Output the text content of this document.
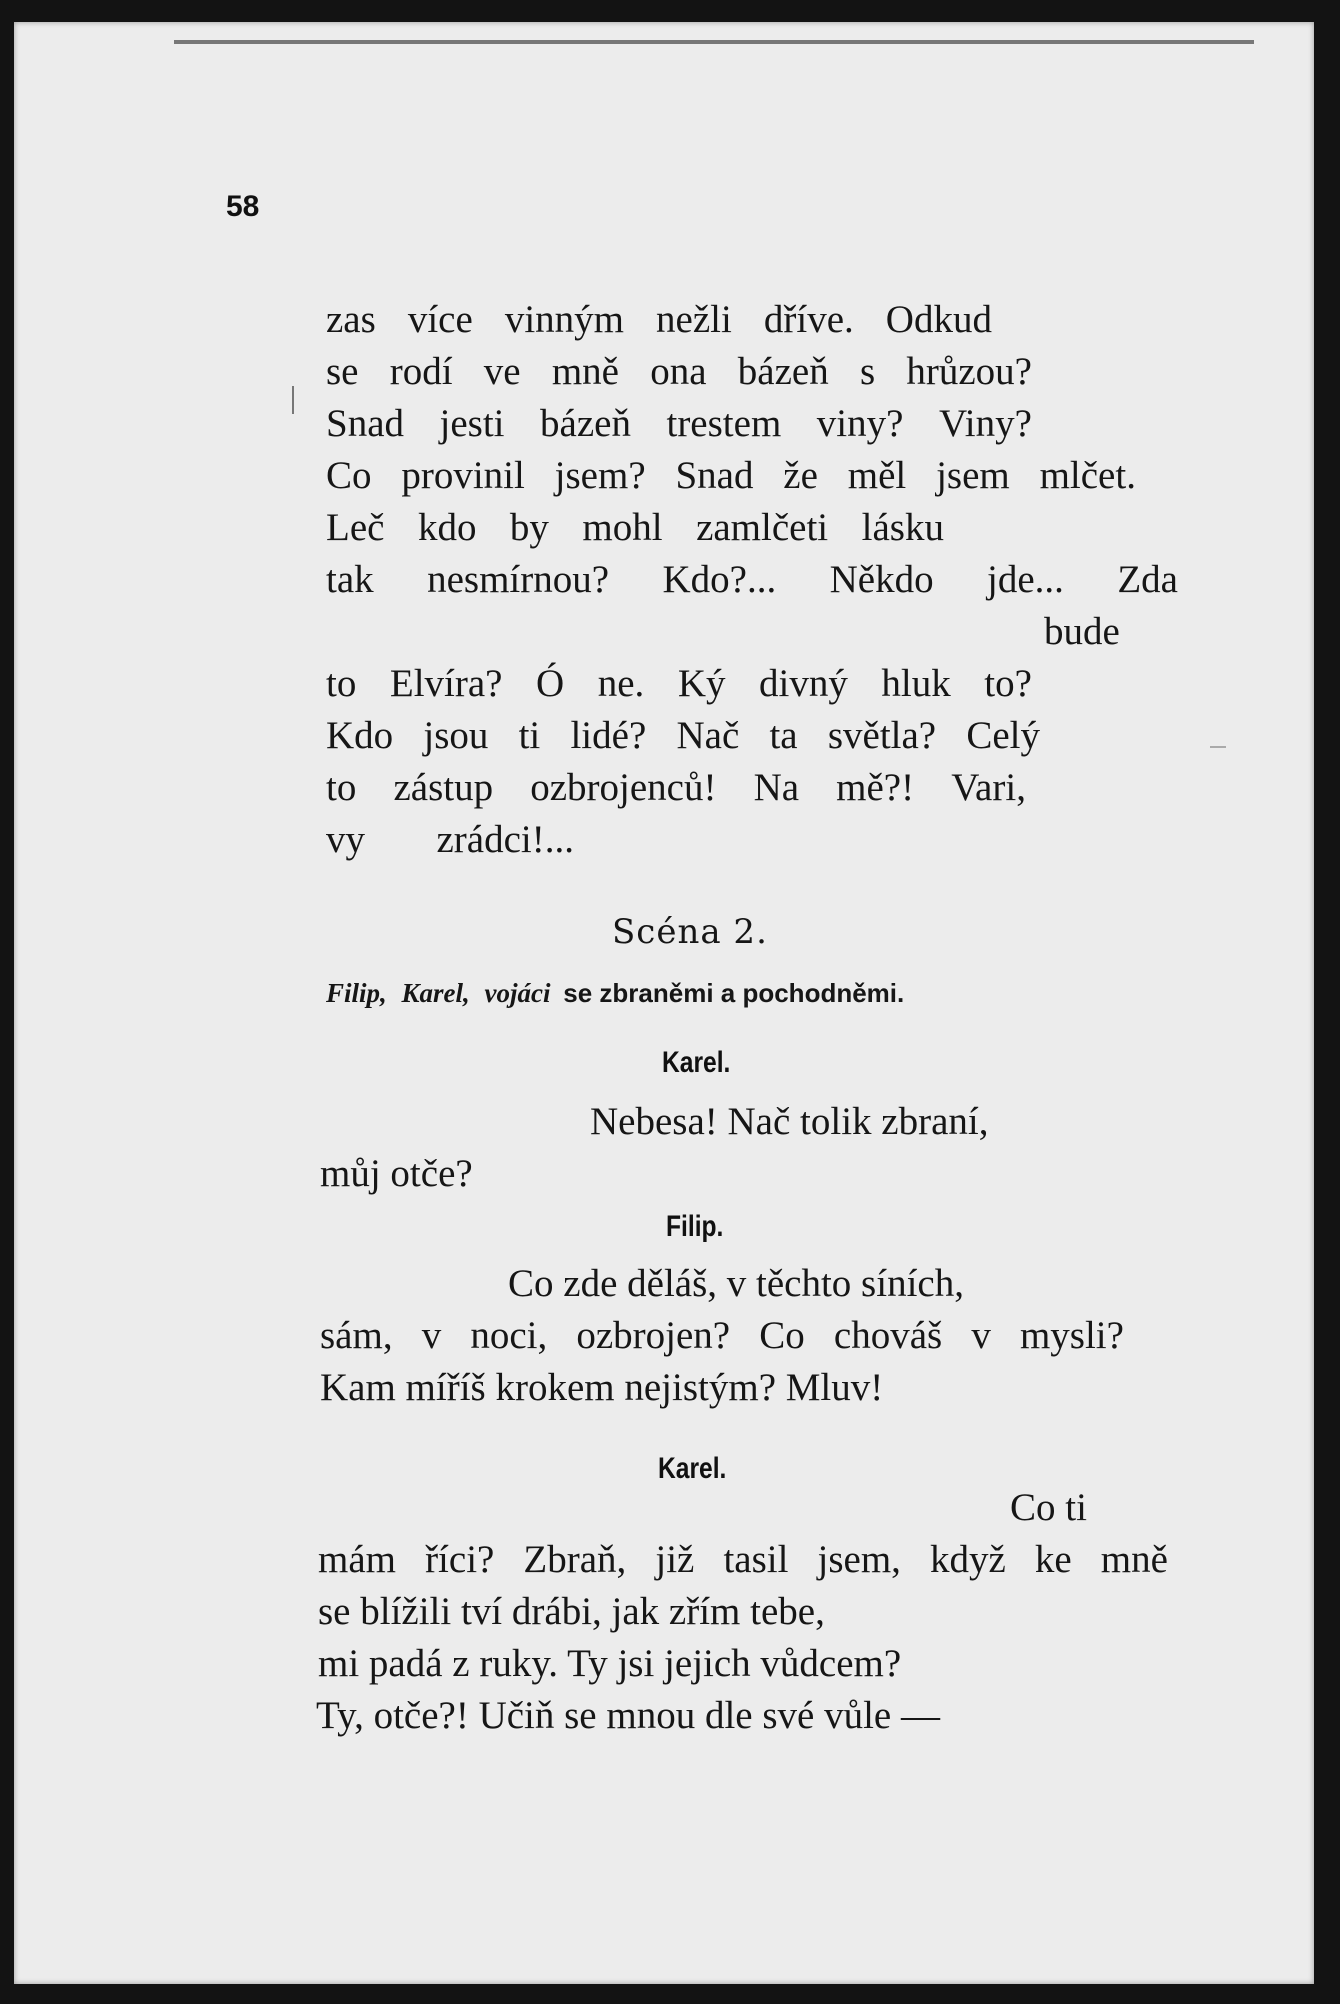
58
zas více vinným nežli dříve. Odkud
se rodí ve mně ona bázeň s hrůzou?
Snad jesti bázeň trestem viny? Viny?
Co provinil jsem? Snad že měl jsem mlčet.
Leč kdo by mohl zamlčeti lásku
tak nesmírnou? Kdo?... Někdo jde... Zda
bude
to Elvíra? Ó ne. Ký divný hluk to?
Kdo jsou ti lidé? Nač ta světla? Celý
to zástup ozbrojenců! Na mě?! Vari,
vy zrádci!...
Scéna 2.
Filip, Karel, vojáci se zbraněmi a pochodněmi.
Karel.
Nebesa! Nač tolik zbraní,
můj otče?
Filip.
Co zde děláš, v těchto síních,
sám, v noci, ozbrojen? Co chováš v mysli?
Kam míříš krokem nejistým? Mluv!
Karel.
Co ti
mám říci? Zbraň, již tasil jsem, když ke mně
se blížili tví drábi, jak zřím tebe,
mi padá z ruky. Ty jsi jejich vůdcem?
Ty, otče?! Učiň se mnou dle své vůle —
